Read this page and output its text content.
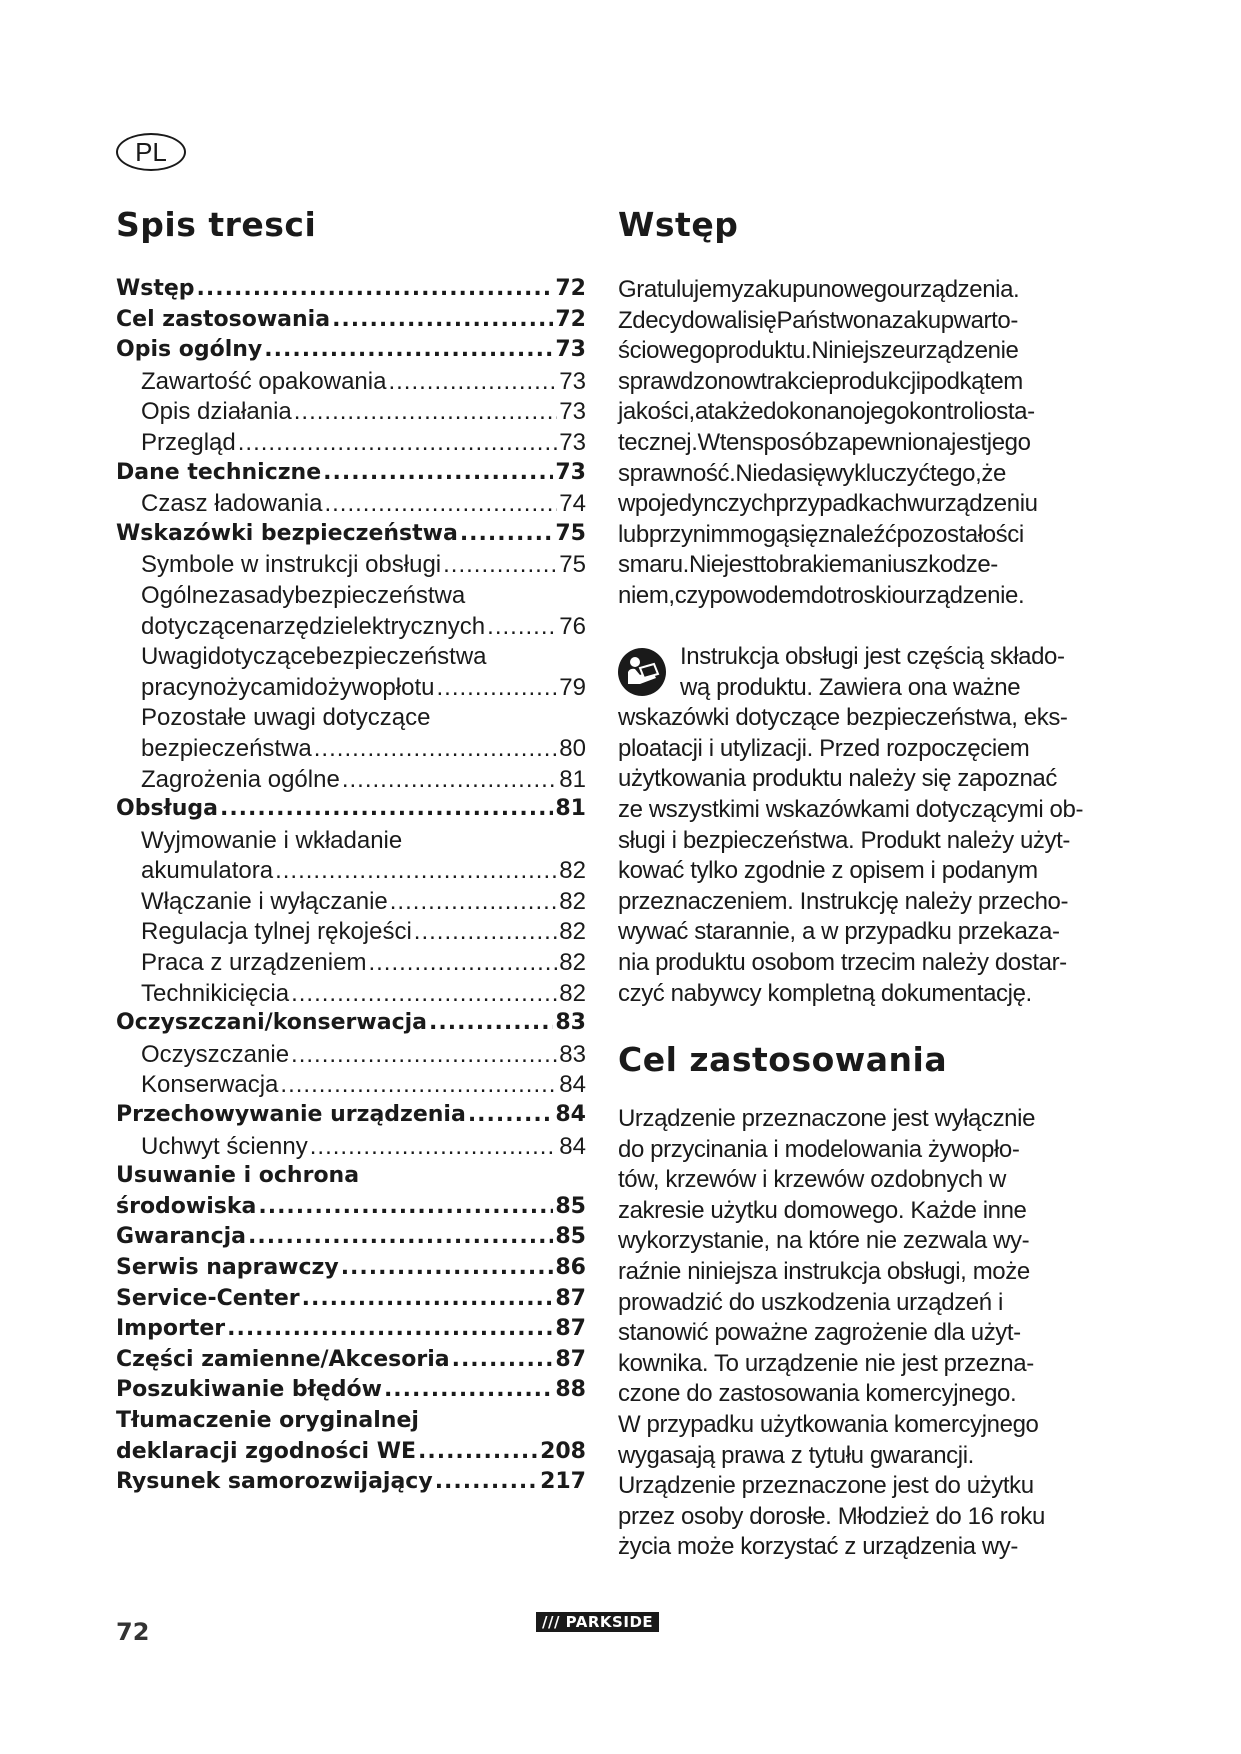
PL
Spis tresci
Wstęp .....	72
Cel zastosowania .....	72
Opis ogólny .....	73
Zawartość opakowania .....	73
Opis działania .....	73
Przegląd .....	73
Dane techniczne .....	73
Czasz ładowania .....	74
Wskazówki bezpieczeństwa .....	75
Symbole w instrukcji obsługi .....	75
Ogólnezasadybezpieczeństwa
dotyczącenarzędzielektrycznych .....	76
Uwagidotyczącebezpieczeństwa
pracynożycamidożywopłotu .....	79
Pozostałe uwagi dotyczące
bezpieczeństwa .....	80
Zagrożenia ogólne .....	81
Obsługa .....	81
Wyjmowanie i wkładanie
akumulatora .....	82
Włączanie i wyłączanie .....	82
Regulacja tylnej rękojeści .....	82
Praca z urządzeniem .....	82
Technikicięcia .....	82
Oczyszczani/konserwacja .....	83
Oczyszczanie .....	83
Konserwacja .....	84
Przechowywanie urządzenia .....	84
Uchwyt ścienny .....	84
Usuwanie i ochrona
środowiska .....	85
Gwarancja .....	85
Serwis naprawczy .....	86
Service-Center .....	87
Importer .....	87
Części zamienne/Akcesoria .....	87
Poszukiwanie błędów .....	88
Tłumaczenie oryginalnej
deklaracji zgodności WE .....	208
Rysunek samorozwijający .....	217
Wstęp
Gratulujemyzakupunowegourządzenia.
ZdecydowalisięPaństwonazakupwarto-
ściowegoproduktu.Niniejszeurządzenie
sprawdzonowtrakcieprodukcjipodkątem
jakości,atakżedokonanojegokontroliosta-
tecznej.Wtensposóbzapewnionajestjego
sprawność.Niedasięwykluczyćtego,że
wpojedynczychprzypadkachwurządzeniu
lubprzynimmogąsięznaleźćpozostałości
smaru.Niejesttobrakiemaniuszkodze-
niem,czypowodemdotroskiourządzenie.
Instrukcja obsługi jest częścią składo-
wą produktu. Zawiera ona ważne
wskazówki dotyczące bezpieczeństwa, eks-
ploatacji i utylizacji. Przed rozpoczęciem
użytkowania produktu należy się zapoznać
ze wszystkimi wskazówkami dotyczącymi ob-
sługi i bezpieczeństwa. Produkt należy użyt-
kować tylko zgodnie z opisem i podanym
przeznaczeniem. Instrukcję należy przecho-
wywać starannie, a w przypadku przekaza-
nia produktu osobom trzecim należy dostar-
czyć nabywcy kompletną dokumentację.
Cel zastosowania
Urządzenie przeznaczone jest wyłącznie
do przycinania i modelowania żywopło-
tów, krzewów i krzewów ozdobnych w
zakresie użytku domowego. Każde inne
wykorzystanie, na które nie zezwala wy-
raźnie niniejsza instrukcja obsługi, może
prowadzić do uszkodzenia urządzeń i
stanowić poważne zagrożenie dla użyt-
kownika. To urządzenie nie jest przezna-
czone do zastosowania komercyjnego.
W przypadku użytkowania komercyjnego
wygasają prawa z tytułu gwarancji.
Urządzenie przeznaczone jest do użytku
przez osoby dorosłe. Młodzież do 16 roku
życia może korzystać z urządzenia wy-
72	/// PARKSIDE
